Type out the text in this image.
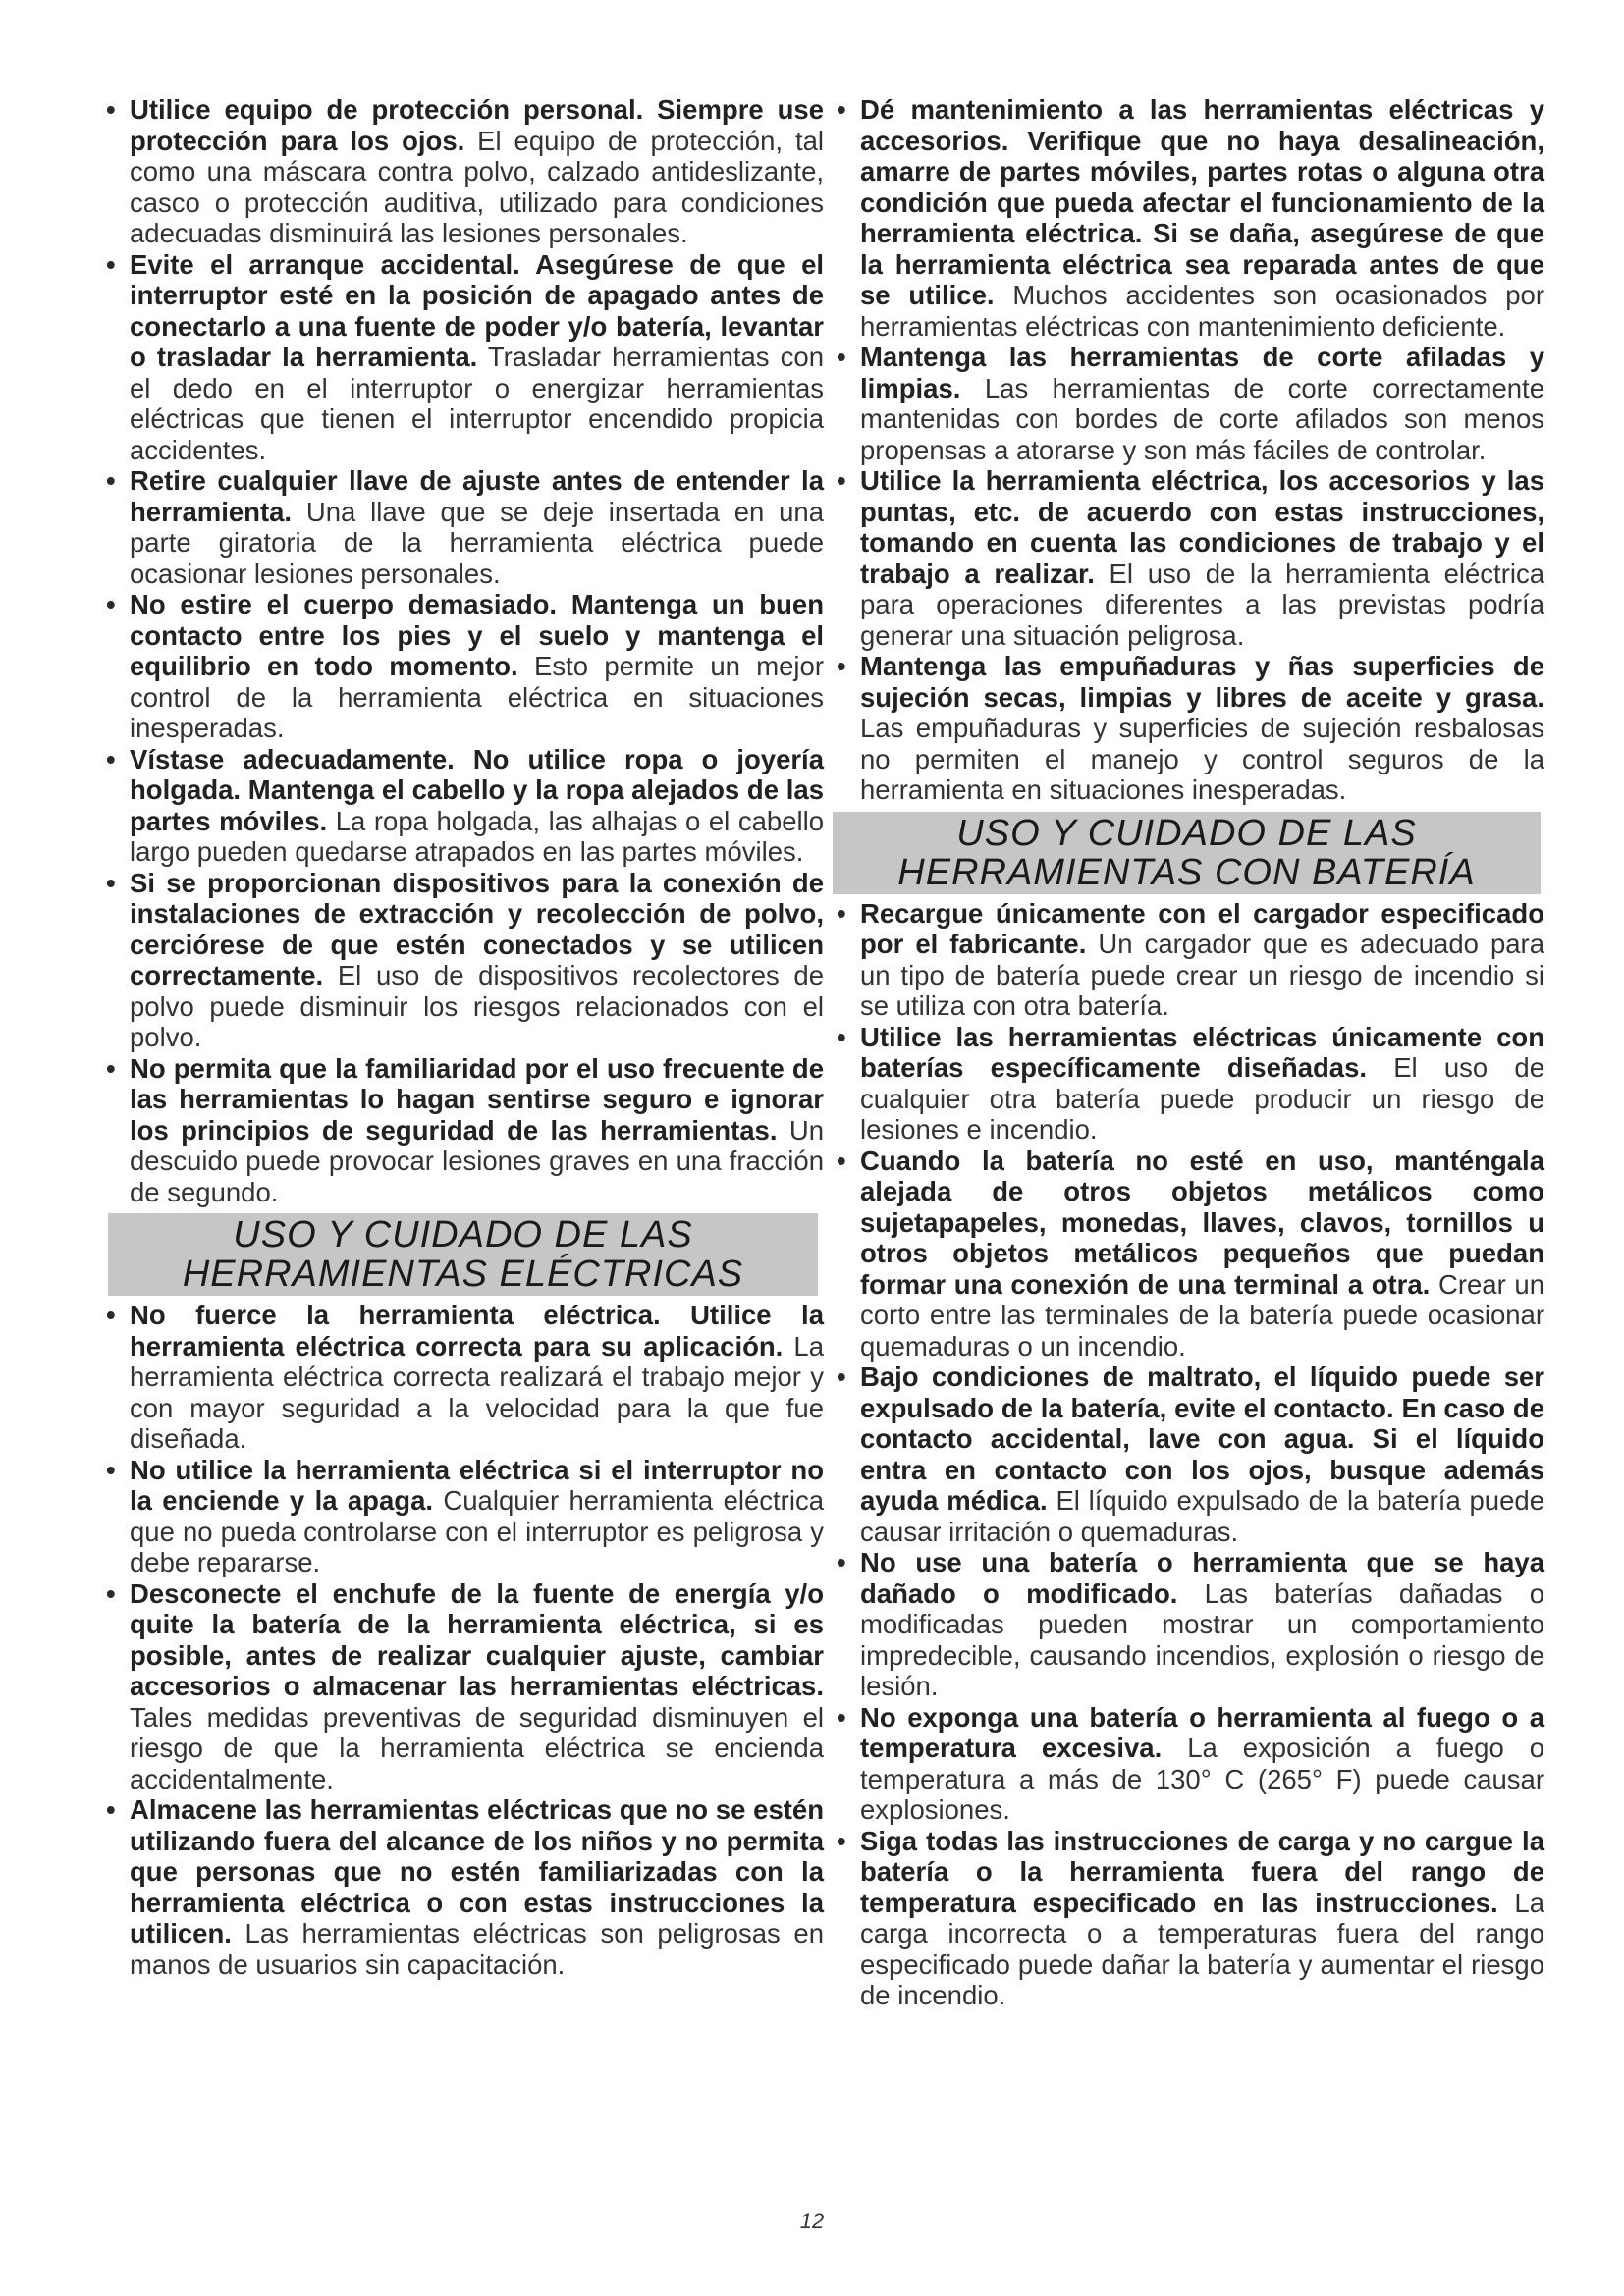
• Utilice equipo de protección personal. Siempre use protección para los ojos. El equipo de protección, tal como una máscara contra polvo, calzado antideslizante, casco o protección auditiva, utilizado para condiciones adecuadas disminuirá las lesiones personales.

• Evite el arranque accidental. Asegúrese de que el interruptor esté en la posición de apagado antes de conectarlo a una fuente de poder y/o batería, levantar o trasladar la herramienta. Trasladar herramientas con el dedo en el interruptor o energizar herramientas eléctricas que tienen el interruptor encendido propicia accidentes.

• Retire cualquier llave de ajuste antes de entender la herramienta. Una llave que se deje insertada en una parte giratoria de la herramienta eléctrica puede ocasionar lesiones personales.

• No estire el cuerpo demasiado. Mantenga un buen contacto entre los pies y el suelo y mantenga el equilibrio en todo momento. Esto permite un mejor control de la herramienta eléctrica en situaciones inesperadas.

• Vístase adecuadamente. No utilice ropa o joyería holgada. Mantenga el cabello y la ropa alejados de las partes móviles. La ropa holgada, las alhajas o el cabello largo pueden quedarse atrapados en las partes móviles.

• Si se proporcionan dispositivos para la conexión de instalaciones de extracción y recolección de polvo, cerciórese de que estén conectados y se utilicen correctamente. El uso de dispositivos recolectores de polvo puede disminuir los riesgos relacionados con el polvo.

• No permita que la familiaridad por el uso frecuente de las herramientas lo hagan sentirse seguro e ignorar los principios de seguridad de las herramientas. Un descuido puede provocar lesiones graves en una fracción de segundo.

USO Y CUIDADO DE LAS
HERRAMIENTAS ELÉCTRICAS

• No fuerce la herramienta eléctrica. Utilice la herramienta eléctrica correcta para su aplicación. La herramienta eléctrica correcta realizará el trabajo mejor y con mayor seguridad a la velocidad para la que fue diseñada.

• No utilice la herramienta eléctrica si el interruptor no la enciende y la apaga. Cualquier herramienta eléctrica que no pueda controlarse con el interruptor es peligrosa y debe repararse.

• Desconecte el enchufe de la fuente de energía y/o quite la batería de la herramienta eléctrica, si es posible, antes de realizar cualquier ajuste, cambiar accesorios o almacenar las herramientas eléctricas. Tales medidas preventivas de seguridad disminuyen el riesgo de que la herramienta eléctrica se encienda accidentalmente.

• Almacene las herramientas eléctricas que no se estén utilizando fuera del alcance de los niños y no permita que personas que no estén familiarizadas con la herramienta eléctrica o con estas instrucciones la utilicen. Las herramientas eléctricas son peligrosas en manos de usuarios sin capacitación.

• Dé mantenimiento a las herramientas eléctricas y accesorios. Verifique que no haya desalineación, amarre de partes móviles, partes rotas o alguna otra condición que pueda afectar el funcionamiento de la herramienta eléctrica. Si se daña, asegúrese de que la herramienta eléctrica sea reparada antes de que se utilice. Muchos accidentes son ocasionados por herramientas eléctricas con mantenimiento deficiente.

• Mantenga las herramientas de corte afiladas y limpias. Las herramientas de corte correctamente mantenidas con bordes de corte afilados son menos propensas a atorarse y son más fáciles de controlar.

• Utilice la herramienta eléctrica, los accesorios y las puntas, etc. de acuerdo con estas instrucciones, tomando en cuenta las condiciones de trabajo y el trabajo a realizar. El uso de la herramienta eléctrica para operaciones diferentes a las previstas podría generar una situación peligrosa.

• Mantenga las empuñaduras y ñas superficies de sujeción secas, limpias y libres de aceite y grasa. Las empuñaduras y superficies de sujeción resbalosas no permiten el manejo y control seguros de la herramienta en situaciones inesperadas.

USO Y CUIDADO DE LAS
HERRAMIENTAS CON BATERÍA

• Recargue únicamente con el cargador especificado por el fabricante. Un cargador que es adecuado para un tipo de batería puede crear un riesgo de incendio si se utiliza con otra batería.

• Utilice las herramientas eléctricas únicamente con baterías específicamente diseñadas. El uso de cualquier otra batería puede producir un riesgo de lesiones e incendio.

• Cuando la batería no esté en uso, manténgala alejada de otros objetos metálicos como sujetapapeles, monedas, llaves, clavos, tornillos u otros objetos metálicos pequeños que puedan formar una conexión de una terminal a otra. Crear un corto entre las terminales de la batería puede ocasionar quemaduras o un incendio.

• Bajo condiciones de maltrato, el líquido puede ser expulsado de la batería, evite el contacto. En caso de contacto accidental, lave con agua. Si el líquido entra en contacto con los ojos, busque además ayuda médica. El líquido expulsado de la batería puede causar irritación o quemaduras.

• No use una batería o herramienta que se haya dañado o modificado. Las baterías dañadas o modificadas pueden mostrar un comportamiento impredecible, causando incendios, explosión o riesgo de lesión.

• No exponga una batería o herramienta al fuego o a temperatura excesiva. La exposición a fuego o temperatura a más de 130° C (265° F) puede causar explosiones.

• Siga todas las instrucciones de carga y no cargue la batería o la herramienta fuera del rango de temperatura especificado en las instrucciones. La carga incorrecta o a temperaturas fuera del rango especificado puede dañar la batería y aumentar el riesgo de incendio.

12
